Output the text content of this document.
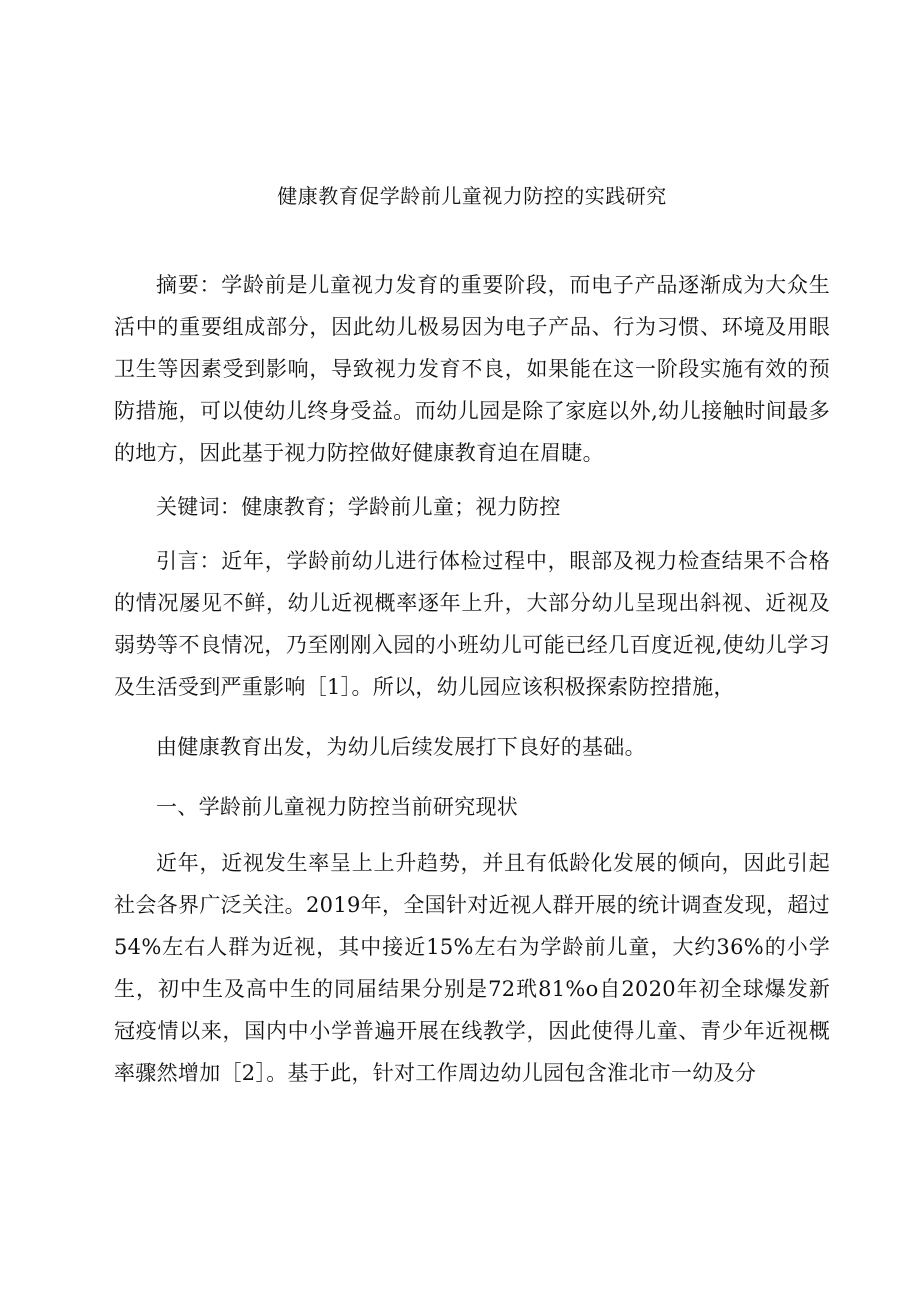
健康教育促学龄前儿童视力防控的实践研究

摘要：学龄前是儿童视力发育的重要阶段，而电子产品逐渐成为大众生活中的重要组成部分，因此幼儿极易因为电子产品、行为习惯、环境及用眼卫生等因素受到影响，导致视力发育不良，如果能在这一阶段实施有效的预防措施，可以使幼儿终身受益。而幼儿园是除了家庭以外,幼儿接触时间最多的地方，因此基于视力防控做好健康教育迫在眉睫。

关键词：健康教育；学龄前儿童；视力防控

引言：近年，学龄前幼儿进行体检过程中，眼部及视力检查结果不合格的情况屡见不鲜，幼儿近视概率逐年上升，大部分幼儿呈现出斜视、近视及弱势等不良情况，乃至刚刚入园的小班幼儿可能已经几百度近视,使幼儿学习及生活受到严重影响［1］。所以，幼儿园应该积极探索防控措施，

由健康教育出发，为幼儿后续发展打下良好的基础。

一、学龄前儿童视力防控当前研究现状

近年，近视发生率呈上上升趋势，并且有低龄化发展的倾向，因此引起社会各界广泛关注。2019年，全国针对近视人群开展的统计调查发现，超过54%左右人群为近视，其中接近15%左右为学龄前儿童，大约36%的小学生，初中生及高中生的同届结果分别是72玳81%o自2020年初全球爆发新冠疫情以来，国内中小学普遍开展在线教学，因此使得儿童、青少年近视概率骤然增加［2］。基于此，针对工作周边幼儿园包含淮北市一幼及分
